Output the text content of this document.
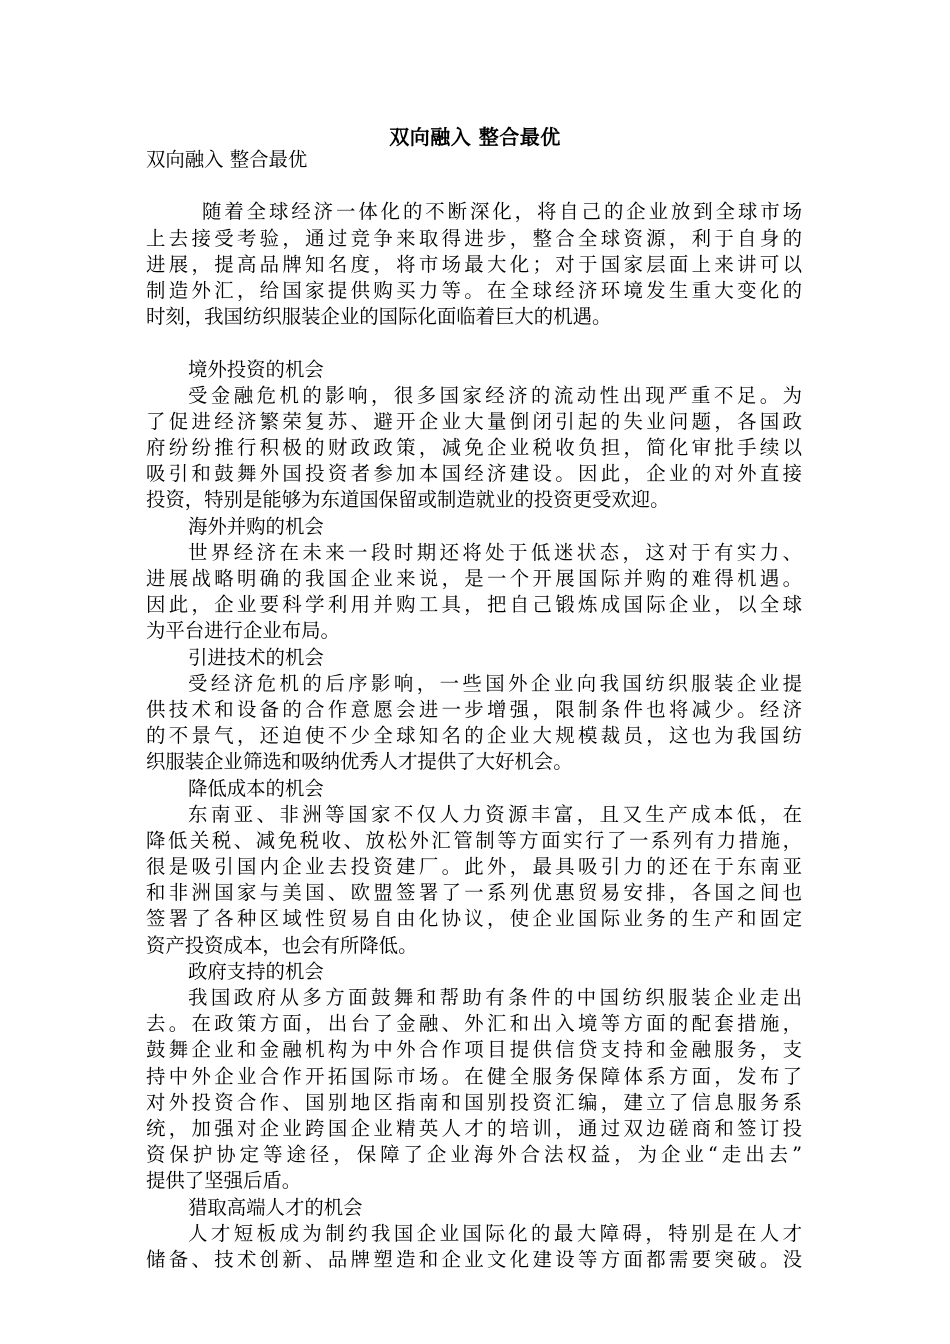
双向融入 整合最优
双向融入 整合最优
随着全球经济一体化的不断深化，将自己的企业放到全球市场
上去接受考验，通过竞争来取得进步，整合全球资源，利于自身的
进展，提高品牌知名度，将市场最大化；对于国家层面上来讲可以
制造外汇，给国家提供购买力等。在全球经济环境发生重大变化的
时刻，我国纺织服装企业的国际化面临着巨大的机遇。
境外投资的机会
受金融危机的影响，很多国家经济的流动性出现严重不足。为
了促进经济繁荣复苏、避开企业大量倒闭引起的失业问题，各国政
府纷纷推行积极的财政政策，减免企业税收负担，简化审批手续以
吸引和鼓舞外国投资者参加本国经济建设。因此，企业的对外直接
投资，特别是能够为东道国保留或制造就业的投资更受欢迎。
海外并购的机会
世界经济在未来一段时期还将处于低迷状态，这对于有实力、
进展战略明确的我国企业来说，是一个开展国际并购的难得机遇。
因此，企业要科学利用并购工具，把自己锻炼成国际企业，以全球
为平台进行企业布局。
引进技术的机会
受经济危机的后序影响，一些国外企业向我国纺织服装企业提
供技术和设备的合作意愿会进一步增强，限制条件也将减少。经济
的不景气，还迫使不少全球知名的企业大规模裁员，这也为我国纺
织服装企业筛选和吸纳优秀人才提供了大好机会。
降低成本的机会
东南亚、非洲等国家不仅人力资源丰富，且又生产成本低，在
降低关税、减免税收、放松外汇管制等方面实行了一系列有力措施，
很是吸引国内企业去投资建厂。此外，最具吸引力的还在于东南亚
和非洲国家与美国、欧盟签署了一系列优惠贸易安排，各国之间也
签署了各种区域性贸易自由化协议，使企业国际业务的生产和固定
资产投资成本，也会有所降低。
政府支持的机会
我国政府从多方面鼓舞和帮助有条件的中国纺织服装企业走出
去。在政策方面，出台了金融、外汇和出入境等方面的配套措施，
鼓舞企业和金融机构为中外合作项目提供信贷支持和金融服务，支
持中外企业合作开拓国际市场。在健全服务保障体系方面，发布了
对外投资合作、国别地区指南和国别投资汇编，建立了信息服务系
统，加强对企业跨国企业精英人才的培训，通过双边磋商和签订投
资保护协定等途径，保障了企业海外合法权益，为企业“走出去”
提供了坚强后盾。
猎取高端人才的机会
人才短板成为制约我国企业国际化的最大障碍，特别是在人才
储备、技术创新、品牌塑造和企业文化建设等方面都需要突破。没
